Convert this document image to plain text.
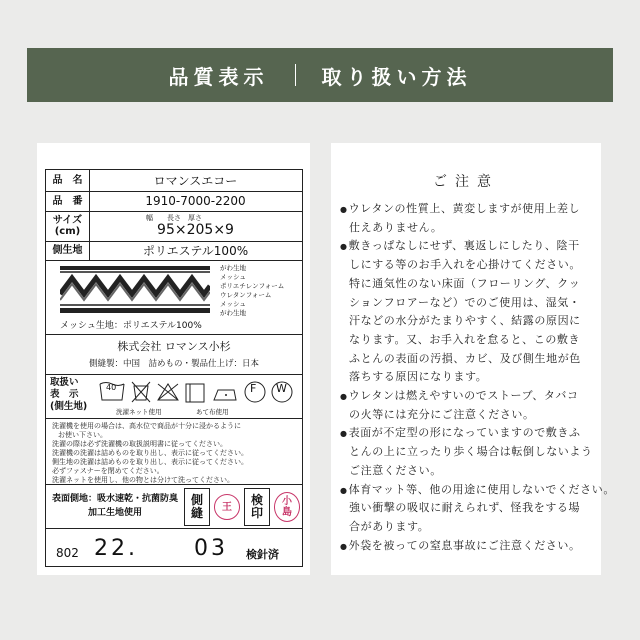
品質表示	取り扱い方法
品　名	ロマンスエコー
品　番	1910-7000-2200
サイズ
(cm)	95×205×9
幅　　長さ　厚さ
側生地	ポリエステル100%
がわ生地
メッシュ
ポリエチレンフォーム
ウレタンフォーム
メッシュ
がわ生地
メッシュ生地：ポリエステル100%
株式会社 ロマンス小杉
側縫製：中国　詰めもの・製品仕上げ：日本
取扱い
表　示
(側生地)
40	F W
洗濯ネット使用	あて布使用
洗濯機を使用の場合は、高水位で商品が十分に浸かるように
お使い下さい。
洗濯の際は必ず洗濯機の取扱説明書に従ってください。
洗濯機の洗濯は詰めものを取り出し、表示に従ってください。
側生地の洗濯は詰めものを取り出し、表示に従ってください。
必ずファスナーを閉めてください。
洗濯ネットを使用し、他の物とは分けて洗ってください。
表面側地：吸水速乾・抗菌防臭
加工生地使用
側
縫	王	検
印
小
島
802 22.	03 検針済
ご注意
●ウレタンの性質上、黄変しますが使用上差し
仕えありません。
●敷きっぱなしにせず、裏返しにしたり、陰干
しにする等のお手入れを心掛けてください。
特に通気性のない床面（フローリング、クッ
ションフロアーなど）でのご使用は、湿気・
汗などの水分がたまりやすく、結露の原因に
なります。又、お手入れを怠ると、この敷き
ふとんの表面の汚損、カビ、及び側生地が色
落ちする原因になります。
●ウレタンは燃えやすいのでストーブ、タバコ
の火等には充分にご注意ください。
●表面が不定型の形になっていますので敷きふ
とんの上に立ったり歩く場合は転倒しないよう
ご注意ください。
●体育マット等、他の用途に使用しないでください。
強い衝撃の吸収に耐えられず、怪我をする場
合があります。
●外袋を被っての窒息事故にご注意ください。
